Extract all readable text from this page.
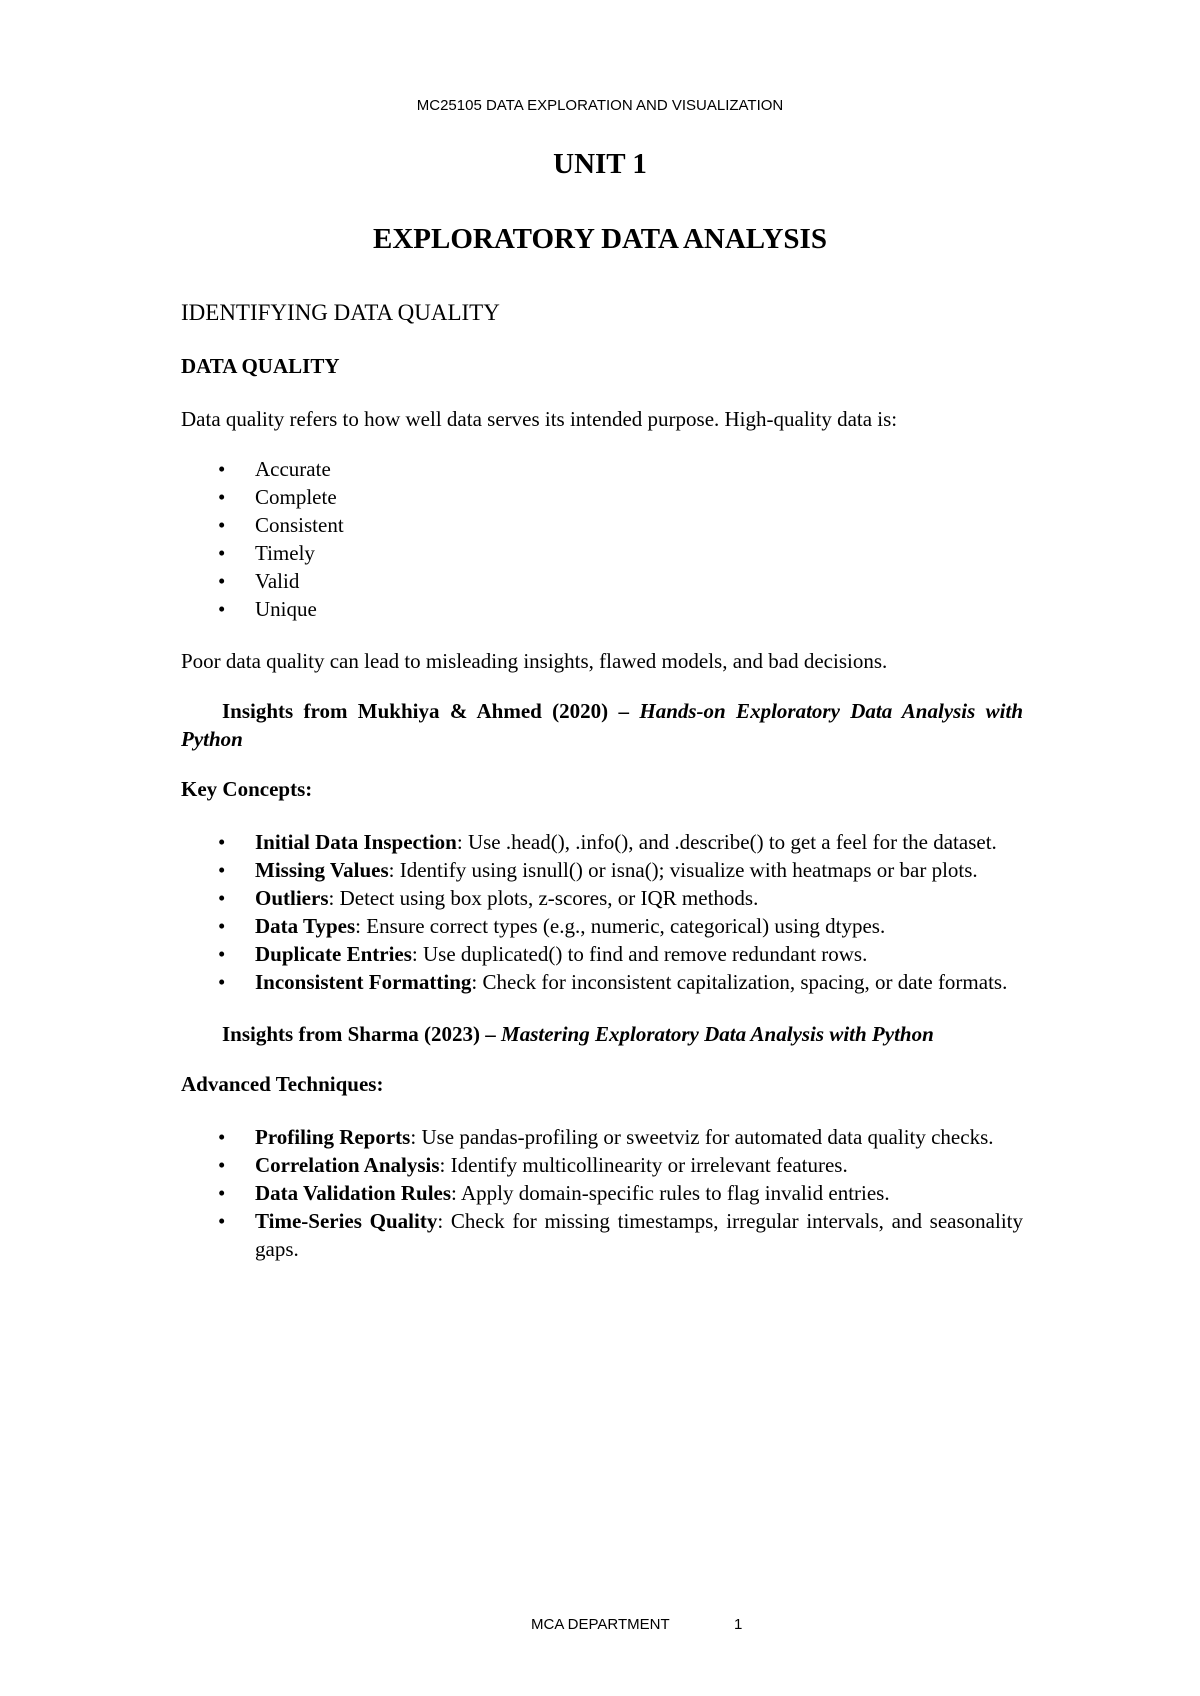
MC25105 DATA EXPLORATION AND VISUALIZATION
UNIT 1
EXPLORATORY DATA ANALYSIS
IDENTIFYING DATA QUALITY
DATA QUALITY
Data quality refers to how well data serves its intended purpose. High-quality data is:
• Accurate
• Complete
• Consistent
• Timely
• Valid
• Unique
Poor data quality can lead to misleading insights, flawed models, and bad decisions.
Insights from Mukhiya & Ahmed (2020) – Hands-on Exploratory Data Analysis with Python
Key Concepts:
• Initial Data Inspection: Use .head(), .info(), and .describe() to get a feel for the dataset.
• Missing Values: Identify using isnull() or isna(); visualize with heatmaps or bar plots.
• Outliers: Detect using box plots, z-scores, or IQR methods.
• Data Types: Ensure correct types (e.g., numeric, categorical) using dtypes.
• Duplicate Entries: Use duplicated() to find and remove redundant rows.
• Inconsistent Formatting: Check for inconsistent capitalization, spacing, or date formats.
Insights from Sharma (2023) – Mastering Exploratory Data Analysis with Python
Advanced Techniques:
• Profiling Reports: Use pandas-profiling or sweetviz for automated data quality checks.
• Correlation Analysis: Identify multicollinearity or irrelevant features.
• Data Validation Rules: Apply domain-specific rules to flag invalid entries.
• Time-Series Quality: Check for missing timestamps, irregular intervals, and seasonality gaps.
MCA DEPARTMENT	1
